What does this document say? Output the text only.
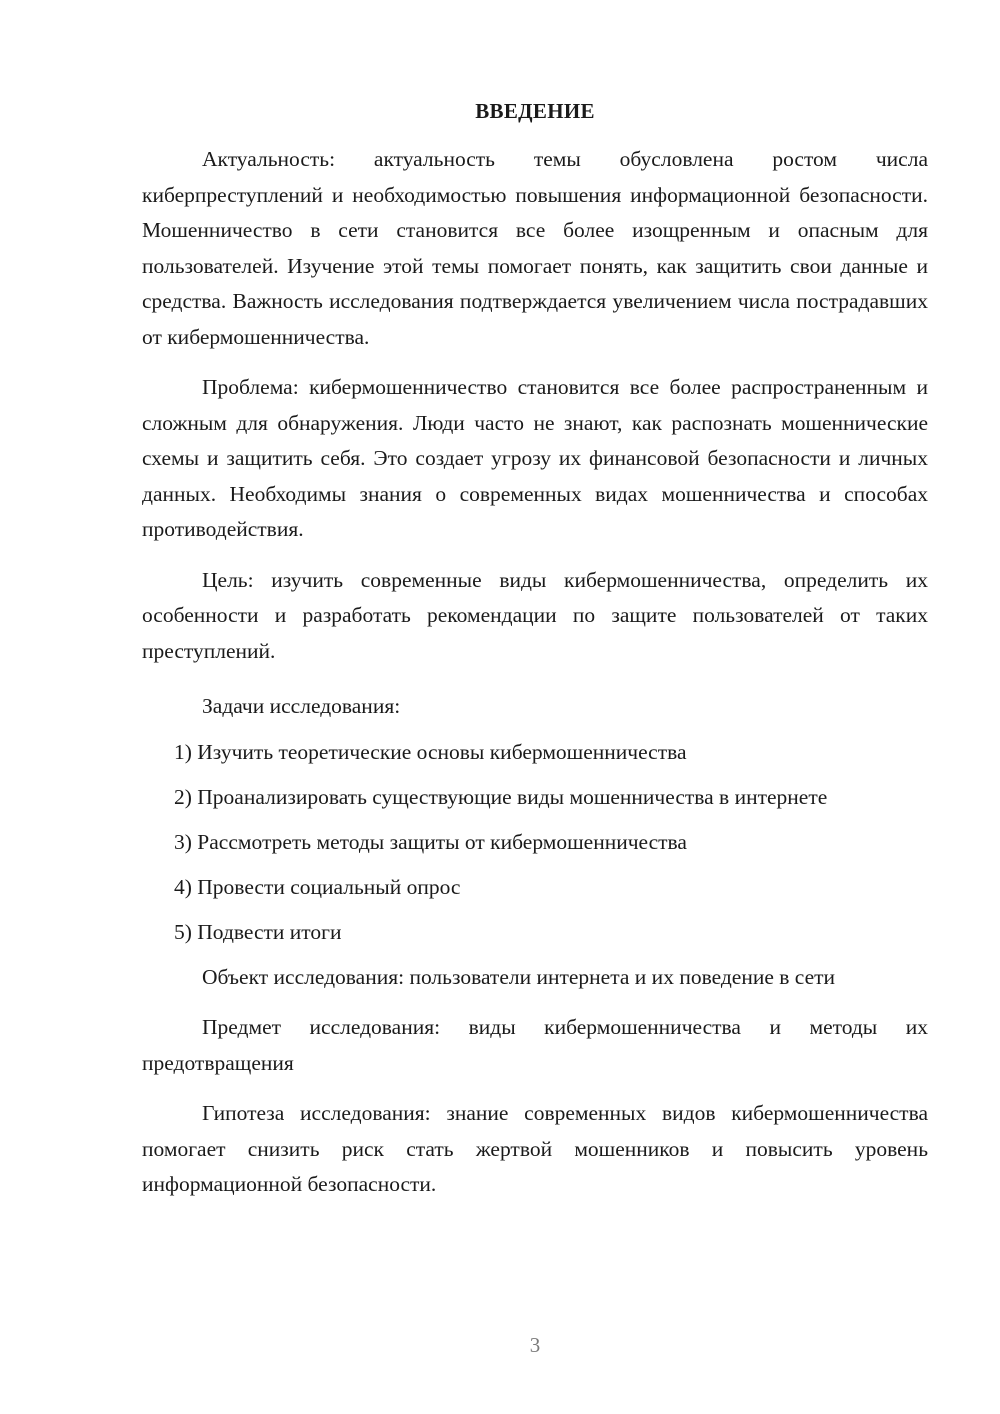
ВВЕДЕНИЕ

Актуальность: актуальность темы обусловлена ростом числа киберпреступлений и необходимостью повышения информационной безопасности. Мошенничество в сети становится все более изощренным и опасным для пользователей. Изучение этой темы помогает понять, как защитить свои данные и средства. Важность исследования подтверждается увеличением числа пострадавших от кибермошенничества.

Проблема: кибермошенничество становится все более распространенным и сложным для обнаружения. Люди часто не знают, как распознать мошеннические схемы и защитить себя. Это создает угрозу их финансовой безопасности и личных данных. Необходимы знания о современных видах мошенничества и способах противодействия.

Цель: изучить современные виды кибермошенничества, определить их особенности и разработать рекомендации по защите пользователей от таких преступлений.

Задачи исследования:

1) Изучить теоретические основы кибермошенничества
2) Проанализировать существующие виды мошенничества в интернете
3) Рассмотреть методы защиты от кибермошенничества
4) Провести социальный опрос
5) Подвести итоги

Объект исследования: пользователи интернета и их поведение в сети

Предмет исследования: виды кибермошенничества и методы их предотвращения

Гипотеза исследования: знание современных видов кибермошенничества помогает снизить риск стать жертвой мошенников и повысить уровень информационной безопасности.

3
